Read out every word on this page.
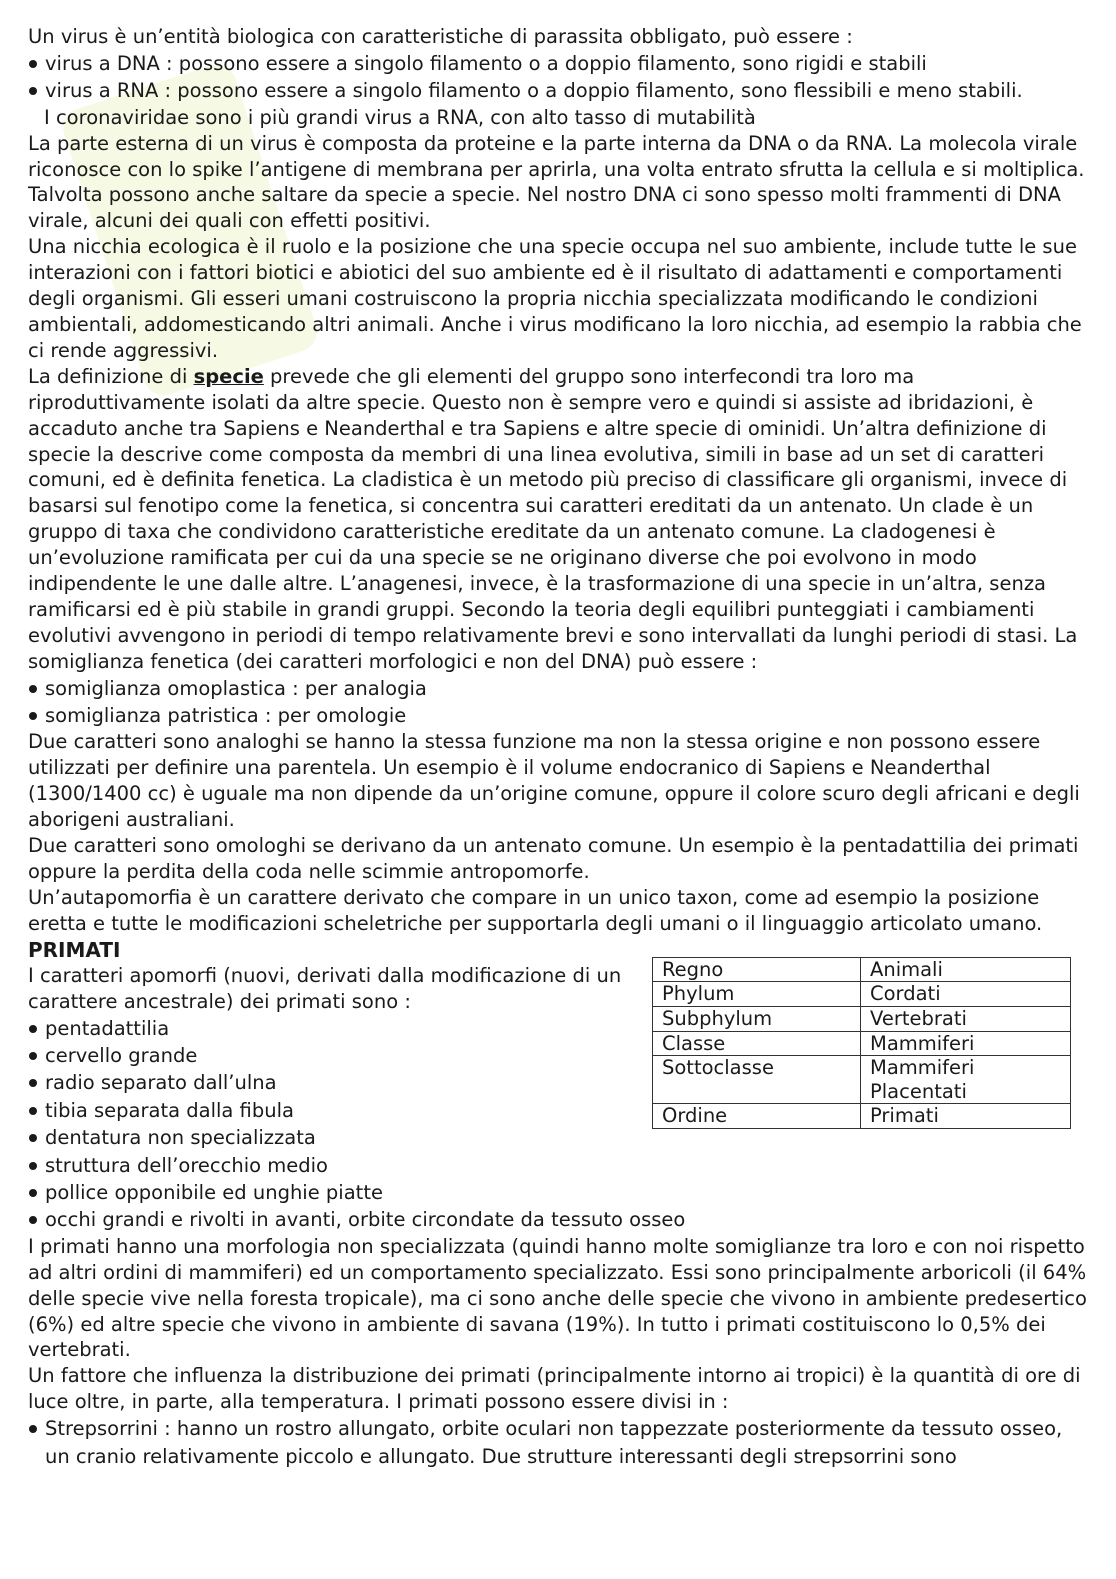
Un virus è un’entità biologica con caratteristiche di parassita obbligato, può essere :

virus a DNA : possono essere a singolo filamento o a doppio filamento, sono rigidi e stabili
virus a RNA : possono essere a singolo filamento o a doppio filamento, sono flessibili e meno stabili.

I coronaviridae sono i più grandi virus a RNA, con alto tasso di mutabilità

La parte esterna di un virus è composta da proteine e la parte interna da DNA o da RNA. La molecola virale riconosce con lo spike l’antigene di membrana per aprirla, una volta entrato sfrutta la cellula e si moltiplica. Talvolta possono anche saltare da specie a specie. Nel nostro DNA ci sono spesso molti frammenti di DNA virale, alcuni dei quali con effetti positivi.

Una nicchia ecologica è il ruolo e la posizione che una specie occupa nel suo ambiente, include tutte le sue interazioni con i fattori biotici e abiotici del suo ambiente ed è il risultato di adattamenti e comportamenti degli organismi. Gli esseri umani costruiscono la propria nicchia specializzata modificando le condizioni ambientali, addomesticando altri animali. Anche i virus modificano la loro nicchia, ad esempio la rabbia che ci rende aggressivi.

La definizione di specie prevede che gli elementi del gruppo sono interfecondi tra loro ma riproduttivamente isolati da altre specie. Questo non è sempre vero e quindi si assiste ad ibridazioni, è accaduto anche tra Sapiens e Neanderthal e tra Sapiens e altre specie di ominidi. Un’altra definizione di specie la descrive come composta da membri di una linea evolutiva, simili in base ad un set di caratteri comuni, ed è definita fenetica. La cladistica è un metodo più preciso di classificare gli organismi, invece di basarsi sul fenotipo come la fenetica, si concentra sui caratteri ereditati da un antenato. Un clade è un gruppo di taxa che condividono caratteristiche ereditate da un antenato comune. La cladogenesi è un’evoluzione ramificata per cui da una specie se ne originano diverse che poi evolvono in modo indipendente le une dalle altre. L’anagenesi, invece, è la trasformazione di una specie in un’altra, senza ramificarsi ed è più stabile in grandi gruppi. Secondo la teoria degli equilibri punteggiati i cambiamenti evolutivi avvengono in periodi di tempo relativamente brevi e sono intervallati da lunghi periodi di stasi. La somiglianza fenetica (dei caratteri morfologici e non del DNA) può essere :

somiglianza omoplastica : per analogia
somiglianza patristica : per omologie

Due caratteri sono analoghi se hanno la stessa funzione ma non la stessa origine e non possono essere utilizzati per definire una parentela. Un esempio è il volume endocranico di Sapiens e Neanderthal (1300/1400 cc) è uguale ma non dipende da un’origine comune, oppure il colore scuro degli africani e degli aborigeni australiani.

Due caratteri sono omologhi se derivano da un antenato comune. Un esempio è la pentadattilia dei primati oppure la perdita della coda nelle scimmie antropomorfe.

Un’autapomorfia è un carattere derivato che compare in un unico taxon, come ad esempio la posizione eretta e tutte le modificazioni scheletriche per supportarla degli umani o il linguaggio articolato umano.

PRIMATI

I caratteri apomorfi (nuovi, derivati dalla modificazione di un carattere ancestrale) dei primati sono :

pentadattilia
cervello grande
radio separato dall’ulna
tibia separata dalla fibula
dentatura non specializzata
struttura dell’orecchio medio
pollice opponibile ed unghie piatte
occhi grandi e rivolti in avanti, orbite circondate da tessuto osseo
Regno	Animali
Phylum	Cordati
Subphylum	Vertebrati
Classe	Mammiferi
Sottoclasse	Mammiferi Placentati
Ordine	Primati

I primati hanno una morfologia non specializzata (quindi hanno molte somiglianze tra loro e con noi rispetto ad altri ordini di mammiferi) ed un comportamento specializzato. Essi sono principalmente arboricoli (il 64% delle specie vive nella foresta tropicale), ma ci sono anche delle specie che vivono in ambiente predesertico (6%) ed altre specie che vivono in ambiente di savana (19%). In tutto i primati costituiscono lo 0,5% dei vertebrati.

Un fattore che influenza la distribuzione dei primati (principalmente intorno ai tropici) è la quantità di ore di luce oltre, in parte, alla temperatura. I primati possono essere divisi in :

Strepsorrini : hanno un rostro allungato, orbite oculari non tappezzate posteriormente da tessuto osseo, un cranio relativamente piccolo e allungato. Due strutture interessanti degli strepsorrini sono
